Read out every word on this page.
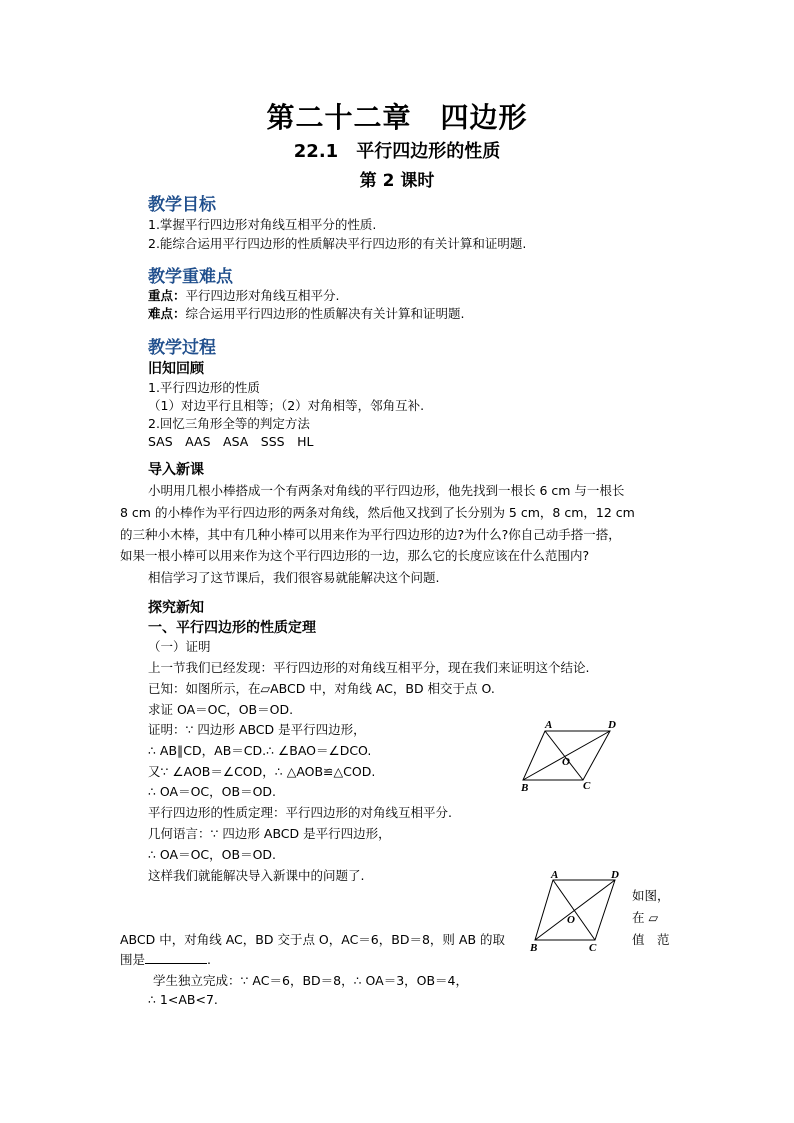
第二十二章　四边形
22.1　平行四边形的性质
第 2 课时
教学目标
1.掌握平行四边形对角线互相平分的性质.
2.能综合运用平行四边形的性质解决平行四边形的有关计算和证明题.
教学重难点
重点：平行四边形对角线互相平分.
难点：综合运用平行四边形的性质解决有关计算和证明题.
教学过程
旧知回顾
1.平行四边形的性质
（1）对边平行且相等；（2）对角相等，邻角互补.
2.回忆三角形全等的判定方法
SAS　AAS　ASA　SSS　HL
导入新课
小明用几根小棒搭成一个有两条对角线的平行四边形，他先找到一根长 6 cm 与一根长
8 cm 的小棒作为平行四边形的两条对角线，然后他又找到了长分别为 5 cm，8 cm，12 cm
的三种小木棒，其中有几种小棒可以用来作为平行四边形的边?为什么?你自己动手搭一搭，
如果一根小棒可以用来作为这个平行四边形的一边，那么它的长度应该在什么范围内?
相信学习了这节课后，我们很容易就能解决这个问题.
探究新知
一、平行四边形的性质定理
（一）证明
上一节我们已经发现：平行四边形的对角线互相平分，现在我们来证明这个结论.
已知：如图所示，在▱ABCD 中，对角线 AC，BD 相交于点 O.
求证 OA＝OC，OB＝OD.
证明：∵ 四边形 ABCD 是平行四边形，
∴ AB∥CD，AB＝CD.∴ ∠BAO＝∠DCO.
又∵ ∠AOB＝∠COD，∴ △AOB≌△COD.
∴ OA＝OC，OB＝OD.
平行四边形的性质定理：平行四边形的对角线互相平分.
几何语言：∵ 四边形 ABCD 是平行四边形，
∴ OA＝OC，OB＝OD.
这样我们就能解决导入新课中的问题了.
A	D
O
B	C
A	D
O
B	C
如图，
在 ▱
值　范
ABCD 中，对角线 AC，BD 交于点 O，AC＝6，BD＝8，则 AB 的取
围是	.
学生独立完成：∵ AC＝6，BD＝8，∴ OA＝3，OB＝4，
∴ 1<AB<7.
